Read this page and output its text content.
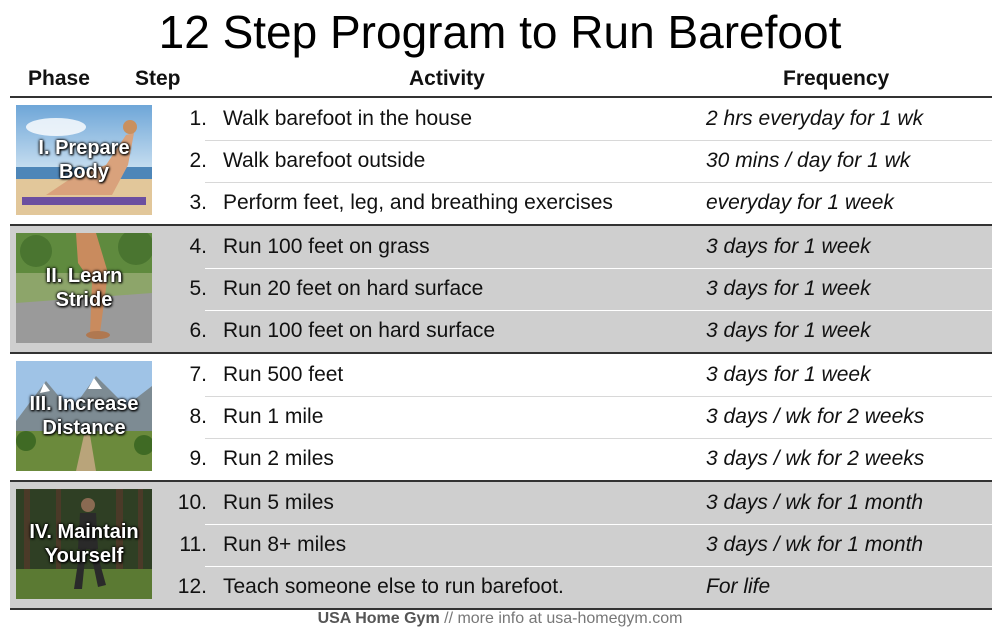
12 Step Program to Run Barefoot
Phase Step	Activity	Frequency
I. Prepare
Body
1. Walk barefoot in the house	2 hrs everyday for 1 wk
2. Walk barefoot outside	30 mins / day for 1 wk
3. Perform feet, leg, and breathing exercises	everyday for 1 week
II. Learn
Stride
4. Run 100 feet on grass	3 days for 1 week
5. Run 20 feet on hard surface	3 days for 1 week
6. Run 100 feet on hard surface	3 days for 1 week
III. Increase
Distance
7. Run 500 feet	3 days for 1 week
8. Run 1 mile	3 days / wk for 2 weeks
9. Run 2 miles	3 days / wk for 2 weeks
IV. Maintain
Yourself
10. Run 5 miles	3 days / wk for 1 month
11. Run 8+ miles	3 days / wk for 1 month
12. Teach someone else to run barefoot.	For life
USA Home Gym // more info at usa-homegym.com
